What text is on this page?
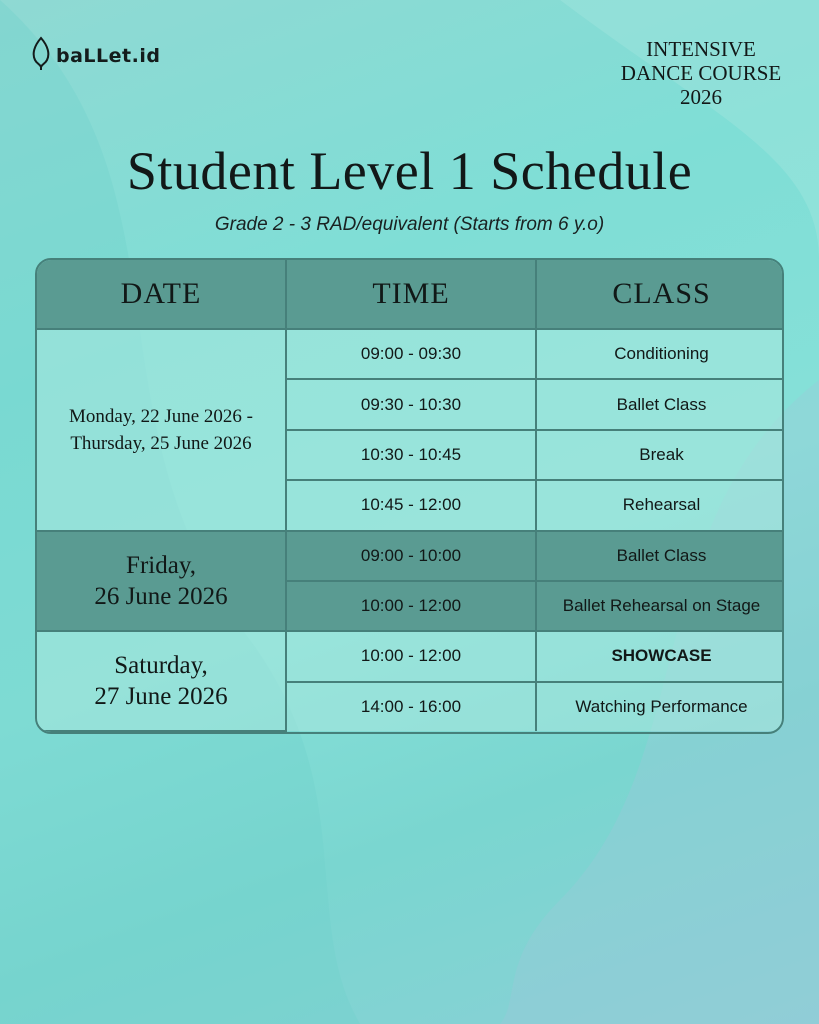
baLLet.id	INTENSIVE
DANCE COURSE
2026
Student Level 1 Schedule
Grade 2 - 3 RAD/equivalent (Starts from 6 y.o)
DATE	TIME	CLASS

Monday, 22 June 2026 -
Thursday, 25 June 2026	09:00 - 09:30	Conditioning
	09:30 - 10:30	Ballet Class
	10:30 - 10:45	Break
	10:45 - 12:00	Rehearsal

Friday,
26 June 2026	09:00 - 10:00	Ballet Class
	10:00 - 12:00	Ballet Rehearsal on Stage

Saturday,
27 June 2026	10:00 - 12:00	SHOWCASE
	14:00 - 16:00	Watching Performance
